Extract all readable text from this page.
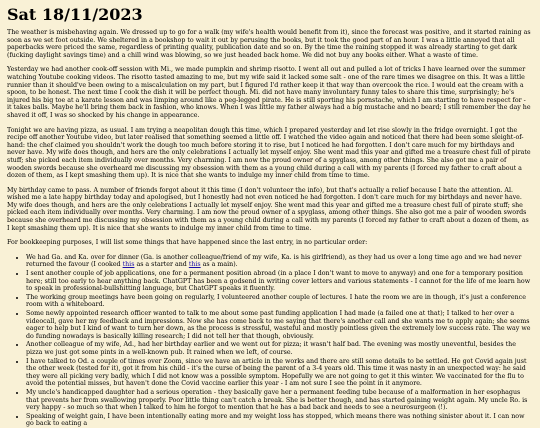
Sat 18/11/2023

The weather is misbehaving again. We dressed up to go for a walk (my wife's health would benefit from it), since the forecast was positive, and it started raining as soon as we set foot outside. We sheltered in a bookshop to wait it out by perusing the books, but it took the good part of an hour. I was a little annoyed that all paperbacks were priced the same, regardless of printing quality, publication date and so on. By the time the raining stopped it was already starting to get dark (fucking daylight savings time) and a chill wind was blowing, so we just headed back home. We did not buy any books either. What a waste of time.

Yesterday we had another cook-off session with Mi., we made pumpkin and shrimp risotto. I went all out and pulled a lot of tricks I have learned over the summer watching Youtube cooking videos. The risotto tasted amazing to me, but my wife said it lacked some salt - one of the rare times we disagree on this. It was a little runnier than it should've been owing to a miscalculation on my part, but I figured I'd rather keep it that way than overcook the rice. I would eat the cream with a spoon, to be honest. The next time I cook the dish it will be perfect though. Mi. did not have many involuntary funny tales to share this time, surprisingly; he's injured his big toe at a karate lesson and was limping around like a peg-legged pirate. He is still sporting his pornstache, which I am starting to have respect for - it takes balls. Maybe he'll bring them back in fashion, who knows. When I was little my father always had a big mustache and no beard; I still remember the day he shaved it off, I was so shocked by his change in appearance.

Tonight we are having pizza, as usual. I am trying a neapolitan dough this time, which I prepared yesterday and let rise slowly in the fridge overnight. I got the recipe off another Youtube video, but later realised that something seemed a little off. I watched the video again and noticed that there had been some sleight-of-hand: the chef claimed you shouldn't work the dough too much before storing it to rise, but I noticed he had forgotten. I don't care much for my birthdays and never have. My wife does though, and hers are the only celebrations I actually let myself enjoy. She went mad this year and gifted me a treasure chest full of pirate stuff; she picked each item individually over months. Very charming. I am now the proud owner of a spyglass, among other things. She also got me a pair of wooden swords because she overheard me discussing my obsession with them as a young child during a call with my parents (I forced my father to craft about a dozen of them, as I kept smashing them up). It is nice that she wants to indulge my inner child from time to time.

My birthday came to pass. A number of friends forgot about it this time (I don't volunteer the info), but that's actually a relief because I hate the attention. Al. wished me a late happy birthday today and apologised, but I honestly had not even noticed he had forgotten. I don't care much for my birthdays and never have. My wife does though, and hers are the only celebrations I actually let myself enjoy. She went mad this year and gifted me a treasure chest full of pirate stuff; she picked each item individually over months. Very charming. I am now the proud owner of a spyglass, among other things. She also got me a pair of wooden swords because she overheard me discussing my obsession with them as a young child during a call with my parents (I forced my father to craft about a dozen of them, as I kept smashing them up). It is nice that she wants to indulge my inner child from time to time.

For bookkeeping purposes, I will list some things that have happened since the last entry, in no particular order:

• We had Ga. and Ka. over for dinner (Ga. is another colleague/friend of my wife, Ka. is his girlfriend), as they had us over a long time ago and we had never returned the favour (I cooked this as a starter and this as a main).
• I sent another couple of job applications, one for a permanent position abroad (in a place I don't want to move to anyway) and one for a temporary position here; still too early to hear anything back. ChatGPT has been a godsend in writing cover letters and various statements - I cannot for the life of me learn how to speak in professional-bullshitting language, but ChatGPT speaks it fluently.
• The working group meetings have been going on regularly, I volunteered another couple of lectures. I hate the room we are in though, it's just a conference room with a whiteboard.
• Some newly appointed research officer wanted to talk to me about some past funding application I had made (a failed one at that); I talked to her over a videocall, gave her my feedback and impressions. Now she has come back to me saying that there's another call and she wants me to apply again; she seems eager to help but I kind of want to turn her down, as the process is stressful, wasteful and mostly pointless given the extremely low success rate. The way we do funding nowadays is basically killing research; I did not tell her that though, obviously.
• Another colleague of my wife, Ad., had her birthday earlier and we went out for pizza; it wasn't half bad. The evening was mostly uneventful, besides the pizza we just got some pints in a well-known pub. It rained when we left, of course.
• I have talked to Od. a couple of times over Zoom, since we have an article in the works and there are still some details to be settled. He got Covid again just the other week (tested for it), got it from his child - it's the curse of being the parent of a 3-4 years old. This time it was nasty in an unexpected way: he said they were all picking very badly, which I did not know was a possible symptom. Hopefully we are not going to get it this winter. We vaccinated for the flu to avoid the potential misses, but haven't done the Covid vaccine earlier this year - I am not sure I see the point in it anymore.
• My uncle's handicapped daughter had a serious operation - they basically gave her a permanent feeding tube because of a malformation in her esophagus that prevents her from swallowing properly. Poor little thing can't catch a break. She is better though, and has started gaining weight again. My uncle Ro. is very happy - so much so that when I talked to him he forgot to mention that he has a bad back and needs to see a neurosurgeon (!).
• Speaking of weight gain, I have been intentionally eating more and my weight loss has stopped, which means there was nothing sinister about it. I can now go back to eating a
